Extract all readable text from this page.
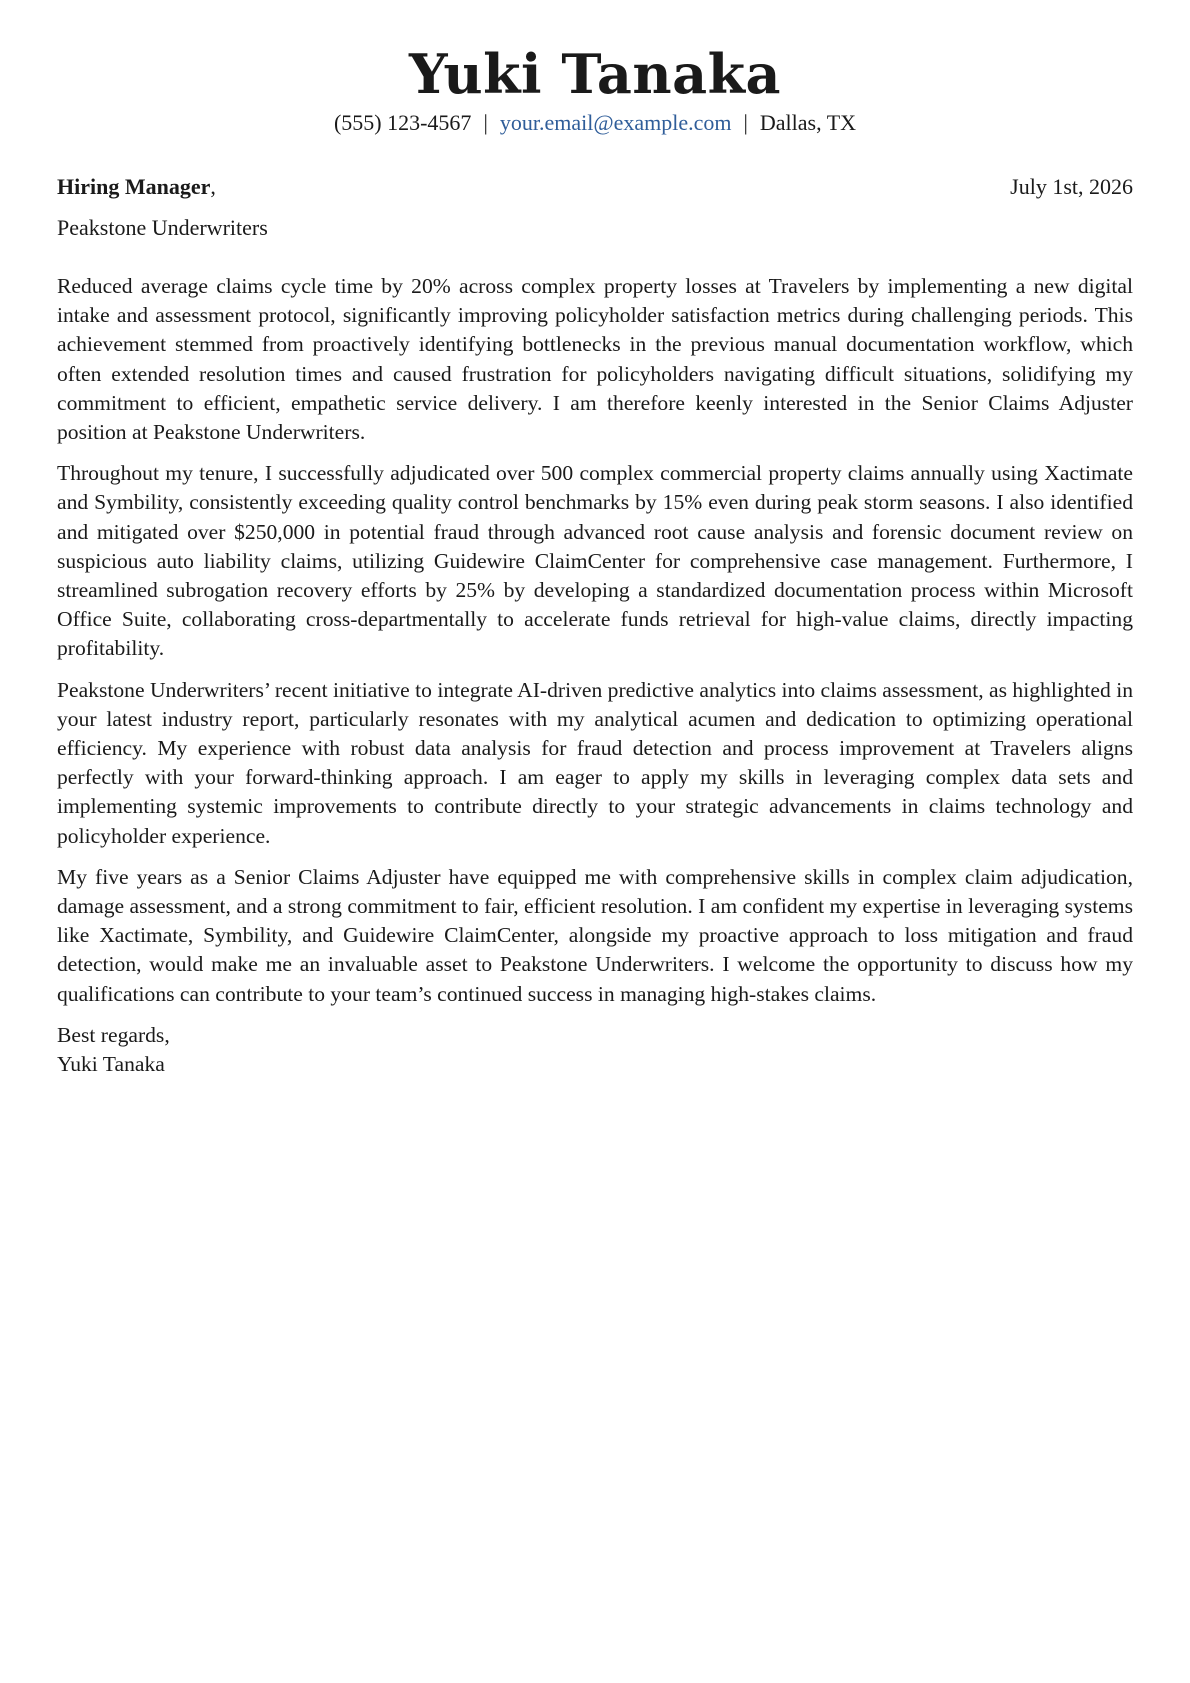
Yuki Tanaka
(555) 123-4567 | your.email@example.com | Dallas, TX
Hiring Manager,	July 1st, 2026
Peakstone Underwriters

Reduced average claims cycle time by 20% across complex property losses at Travelers by implementing a new digital intake and assessment protocol, significantly improving policyholder satisfaction metrics during challenging periods. This achievement stemmed from proactively identifying bottlenecks in the previous manual documentation workflow, which often extended resolution times and caused frustration for policyholders navigating difficult situations, solidifying my commitment to efficient, empathetic service delivery. I am therefore keenly interested in the Senior Claims Adjuster position at Peakstone Underwriters.

Throughout my tenure, I successfully adjudicated over 500 complex commercial property claims annually using Xactimate and Symbility, consistently exceeding quality control benchmarks by 15% even during peak storm seasons. I also identified and mitigated over $250,000 in potential fraud through advanced root cause analysis and forensic document review on suspicious auto liability claims, utilizing Guidewire ClaimCenter for comprehensive case management. Furthermore, I streamlined subrogation recovery efforts by 25% by developing a standardized documentation process within Microsoft Office Suite, collaborating cross-departmentally to accelerate funds retrieval for high-value claims, directly impacting profitability.

Peakstone Underwriters’ recent initiative to integrate AI-driven predictive analytics into claims assessment, as highlighted in your latest industry report, particularly resonates with my analytical acumen and dedication to optimizing operational efficiency. My experience with robust data analysis for fraud detection and process improvement at Travelers aligns perfectly with your forward-thinking approach. I am eager to apply my skills in leveraging complex data sets and implementing systemic improvements to contribute directly to your strategic advancements in claims technology and policyholder experience.

My five years as a Senior Claims Adjuster have equipped me with comprehensive skills in complex claim adjudication, damage assessment, and a strong commitment to fair, efficient resolution. I am confident my expertise in leveraging systems like Xactimate, Symbility, and Guidewire ClaimCenter, alongside my proactive approach to loss mitigation and fraud detection, would make me an invaluable asset to Peakstone Underwriters. I welcome the opportunity to discuss how my qualifications can contribute to your team’s continued success in managing high-stakes claims.

Best regards,
Yuki Tanaka
